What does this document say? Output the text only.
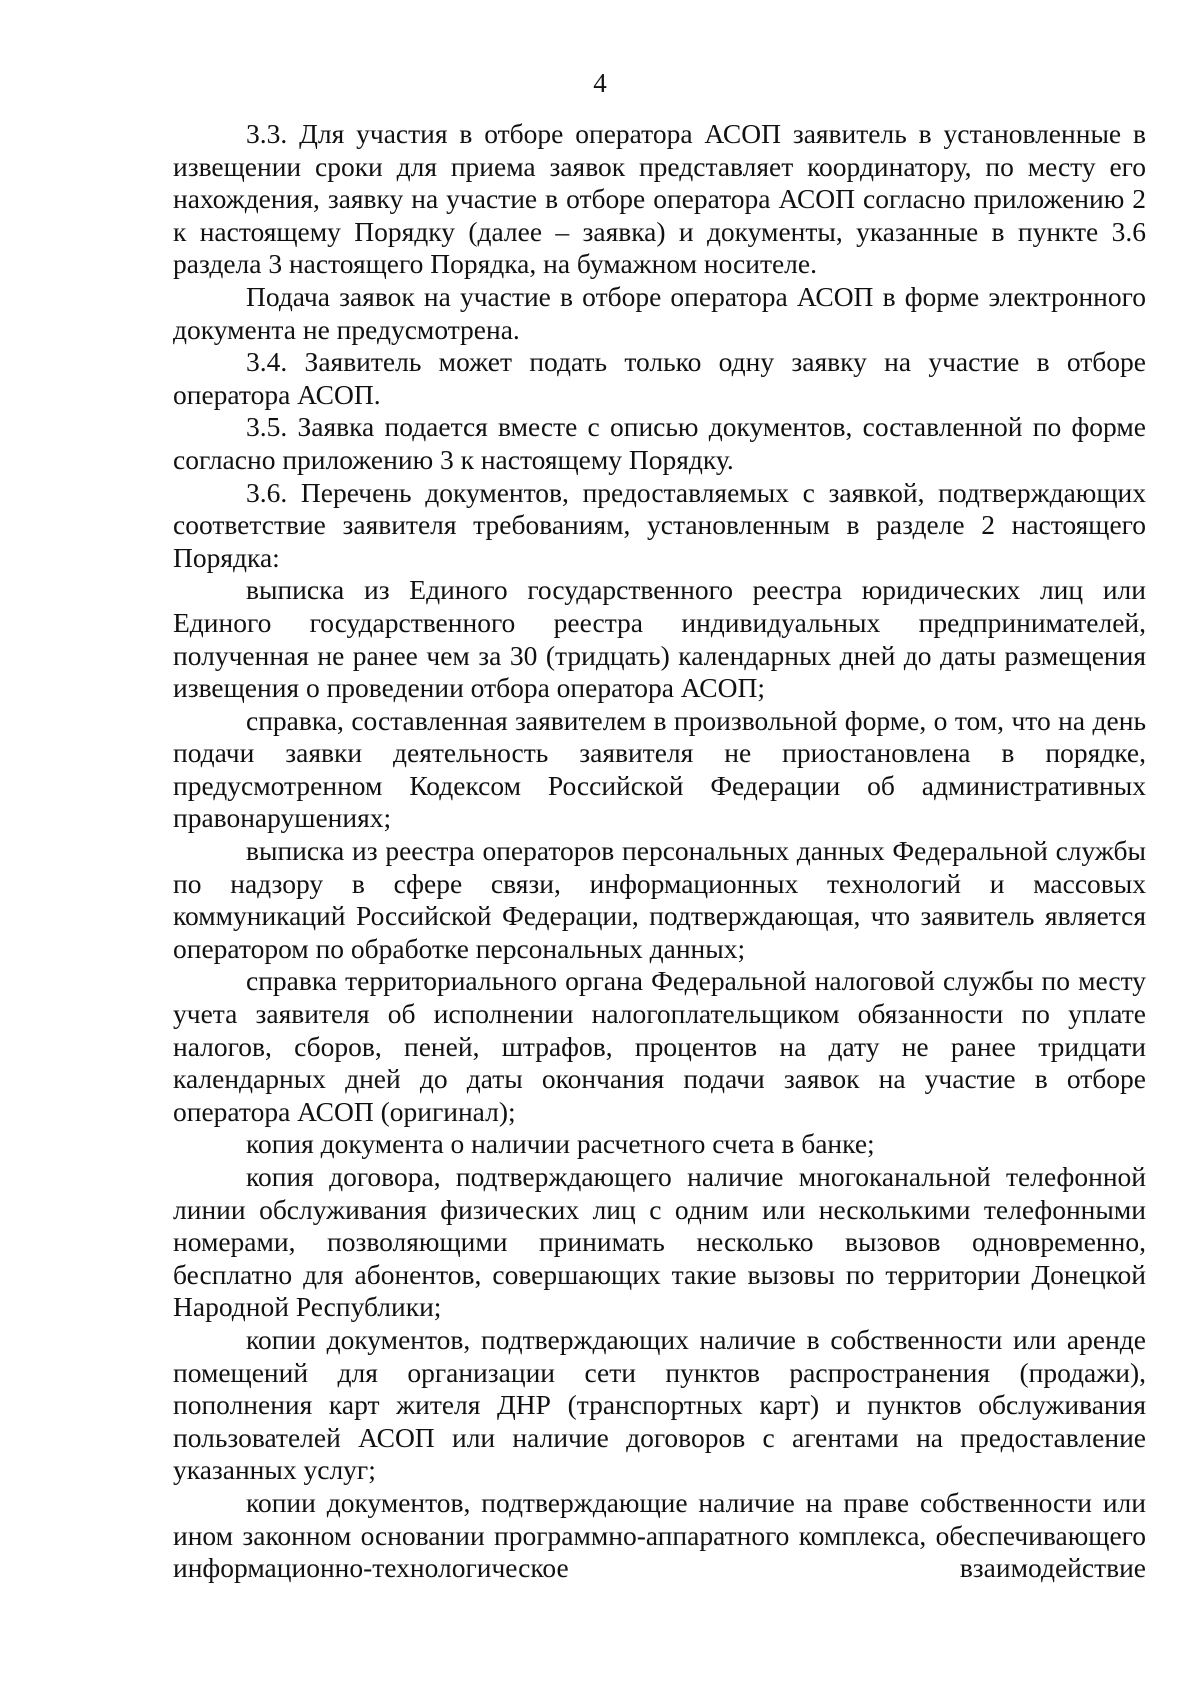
4

3.3. Для участия в отборе оператора АСОП заявитель в установленные в извещении сроки для приема заявок представляет координатору, по месту его нахождения, заявку на участие в отборе оператора АСОП согласно приложению 2 к настоящему Порядку (далее – заявка) и документы, указанные в пункте 3.6 раздела 3 настоящего Порядка, на бумажном носителе.

Подача заявок на участие в отборе оператора АСОП в форме электронного документа не предусмотрена.

3.4. Заявитель может подать только одну заявку на участие в отборе оператора АСОП.

3.5. Заявка подается вместе с описью документов, составленной по форме согласно приложению 3 к настоящему Порядку.

3.6. Перечень документов, предоставляемых с заявкой, подтверждающих соответствие заявителя требованиям, установленным в разделе 2 настоящего Порядка:

выписка из Единого государственного реестра юридических лиц или Единого государственного реестра индивидуальных предпринимателей, полученная не ранее чем за 30 (тридцать) календарных дней до даты размещения извещения о проведении отбора оператора АСОП;

справка, составленная заявителем в произвольной форме, о том, что на день подачи заявки деятельность заявителя не приостановлена в порядке, предусмотренном Кодексом Российской Федерации об административных правонарушениях;

выписка из реестра операторов персональных данных Федеральной службы по надзору в сфере связи, информационных технологий и массовых коммуникаций Российской Федерации, подтверждающая, что заявитель является оператором по обработке персональных данных;

справка территориального органа Федеральной налоговой службы по месту учета заявителя об исполнении налогоплательщиком обязанности по уплате налогов, сборов, пеней, штрафов, процентов на дату не ранее тридцати календарных дней до даты окончания подачи заявок на участие в отборе оператора АСОП (оригинал);

копия документа о наличии расчетного счета в банке;

копия договора, подтверждающего наличие многоканальной телефонной линии обслуживания физических лиц с одним или несколькими телефонными номерами, позволяющими принимать несколько вызовов одновременно, бесплатно для абонентов, совершающих такие вызовы по территории Донецкой Народной Республики;

копии документов, подтверждающих наличие в собственности или аренде помещений для организации сети пунктов распространения (продажи), пополнения карт жителя ДНР (транспортных карт) и пунктов обслуживания пользователей АСОП или наличие договоров с агентами на предоставление указанных услуг;

копии документов, подтверждающие наличие на праве собственности или ином законном основании программно-аппаратного комплекса, обеспечивающего информационно-технологическое взаимодействие
